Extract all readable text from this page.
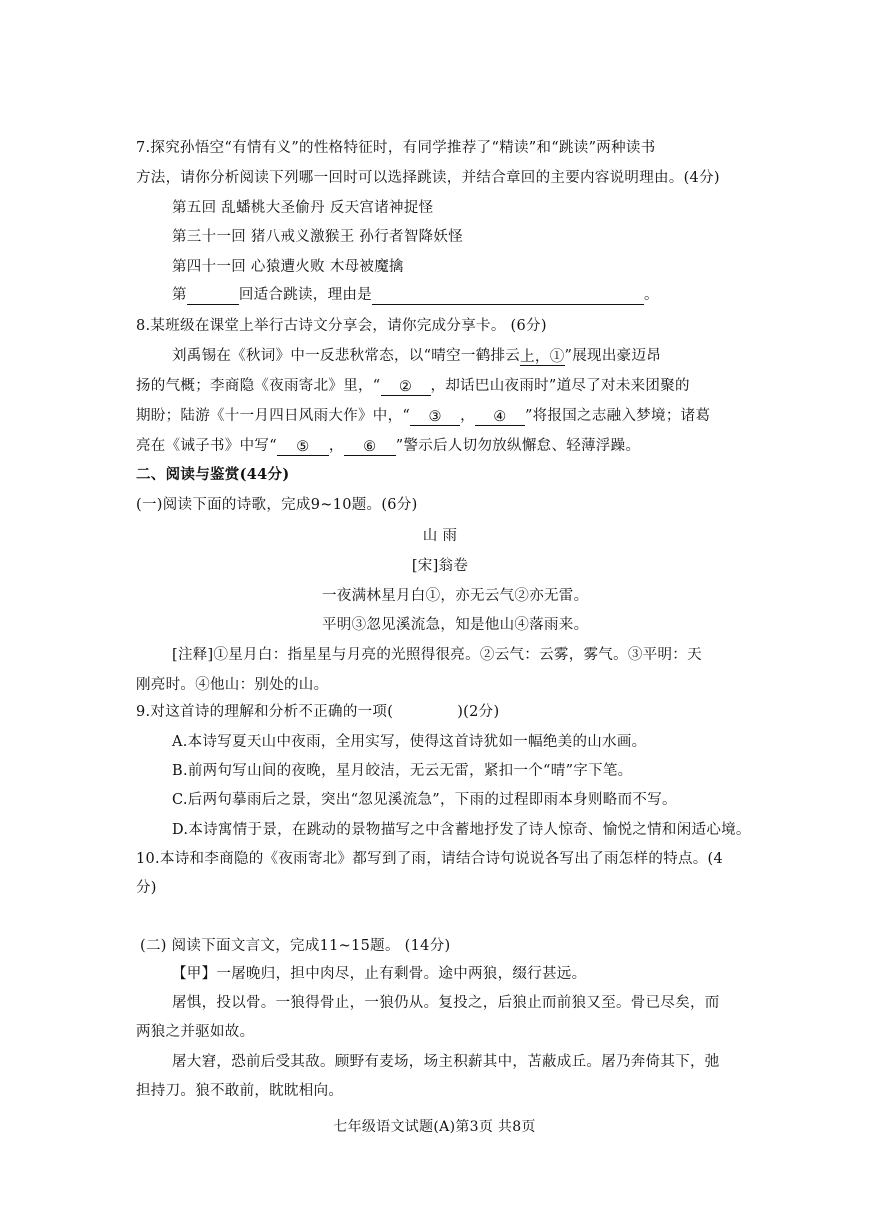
7.探究孙悟空“有情有义”的性格特征时，有同学推荐了“精读”和“跳读”两种读书
方法，请你分析阅读下列哪一回时可以选择跳读，并结合章回的主要内容说明理由。(4分)
第五回 乱蟠桃大圣偷丹 反天宫诸神捉怪
第三十一回 猪八戒义激猴王 孙行者智降妖怪
第四十一回 心猿遭火败 木母被魔擒
第	回适合跳读，理由是	。
8.某班级在课堂上举行古诗文分享会，请你完成分享卡。 (6分)
刘禹锡在《秋词》中一反悲秋常态，以“晴空一鹤排云上，①”展现出豪迈昂
扬的气概；李商隐《夜雨寄北》里，“ ② ，却话巴山夜雨时”道尽了对未来团聚的
期盼；陆游《十一月四日风雨大作》中，“ ③ ， ④ ”将报国之志融入梦境；诸葛
亮在《诫子书》中写“ ⑤ ， ⑥ ”警示后人切勿放纵懈怠、轻薄浮躁。
二、阅读与鉴赏(44分)
(一)阅读下面的诗歌，完成9~10题。(6分)
山 雨
[宋]翁卷
一夜满林星月白①，亦无云气②亦无雷。
平明③忽见溪流急，知是他山④落雨来。
[注释]①星月白：指星星与月亮的光照得很亮。②云气：云雾，雾气。③平明：天
刚亮时。④他山：别处的山。
9.对这首诗的理解和分析不正确的一项(	)(2分)
A.本诗写夏天山中夜雨，全用实写，使得这首诗犹如一幅绝美的山水画。
B.前两句写山间的夜晚，星月皎洁，无云无雷，紧扣一个“晴”字下笔。
C.后两句摹雨后之景，突出“忽见溪流急”，下雨的过程即雨本身则略而不写。
D.本诗寓情于景，在跳动的景物描写之中含蓄地抒发了诗人惊奇、愉悦之情和闲适心境。
10.本诗和李商隐的《夜雨寄北》都写到了雨，请结合诗句说说各写出了雨怎样的特点。(4
分)
(二) 阅读下面文言文，完成11~15题。 (14分)
【甲】一屠晚归，担中肉尽，止有剩骨。途中两狼，缀行甚远。
屠惧，投以骨。一狼得骨止，一狼仍从。复投之，后狼止而前狼又至。骨已尽矣，而
两狼之并驱如故。
屠大窘，恐前后受其敌。顾野有麦场，场主积薪其中，苫蔽成丘。屠乃奔倚其下，弛
担持刀。狼不敢前，眈眈相向。
七年级语文试题(A)第3页 共8页
